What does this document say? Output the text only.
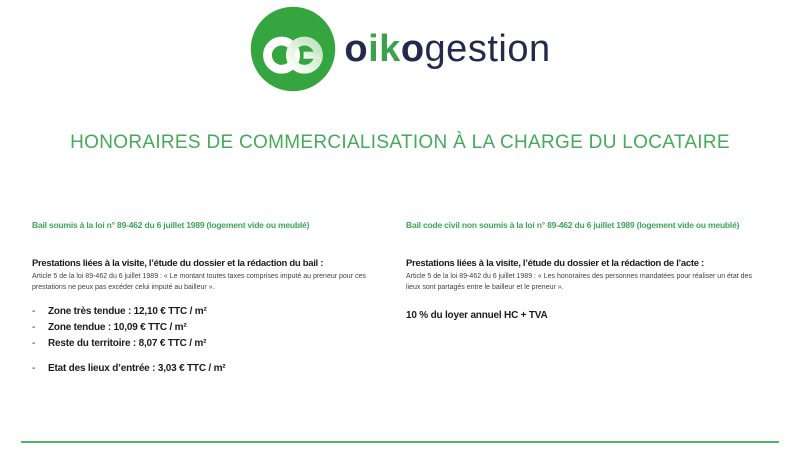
oikogestion
HONORAIRES DE COMMERCIALISATION À LA CHARGE DU LOCATAIRE
Bail soumis à la loi n° 89-462 du 6 juillet 1989 (logement vide ou meublé)
Prestations liées à la visite, l’étude du dossier et la rédaction du bail :
Article 5 de la loi 89-462 du 6 juillet 1989 : « Le montant toutes taxes comprises imputé au preneur pour ces prestations ne peux pas excéder celui imputé au bailleur ».
-	Zone très tendue : 12,10 € TTC / m²
-	Zone tendue : 10,09 € TTC / m²
-	Reste du territoire : 8,07 € TTC / m²
-	Etat des lieux d’entrée : 3,03 € TTC / m²
Bail code civil non soumis à la loi n° 89-462 du 6 juillet 1989 (logement vide ou meublé)
Prestations liées à la visite, l’étude du dossier et la rédaction de l’acte :
Article 5 de la loi 89-462 du 6 juillet 1989 : « Les honoraires des personnes mandatées pour réaliser un état des lieux sont partagés entre le bailleur et le preneur ».
10 % du loyer annuel HC + TVA
